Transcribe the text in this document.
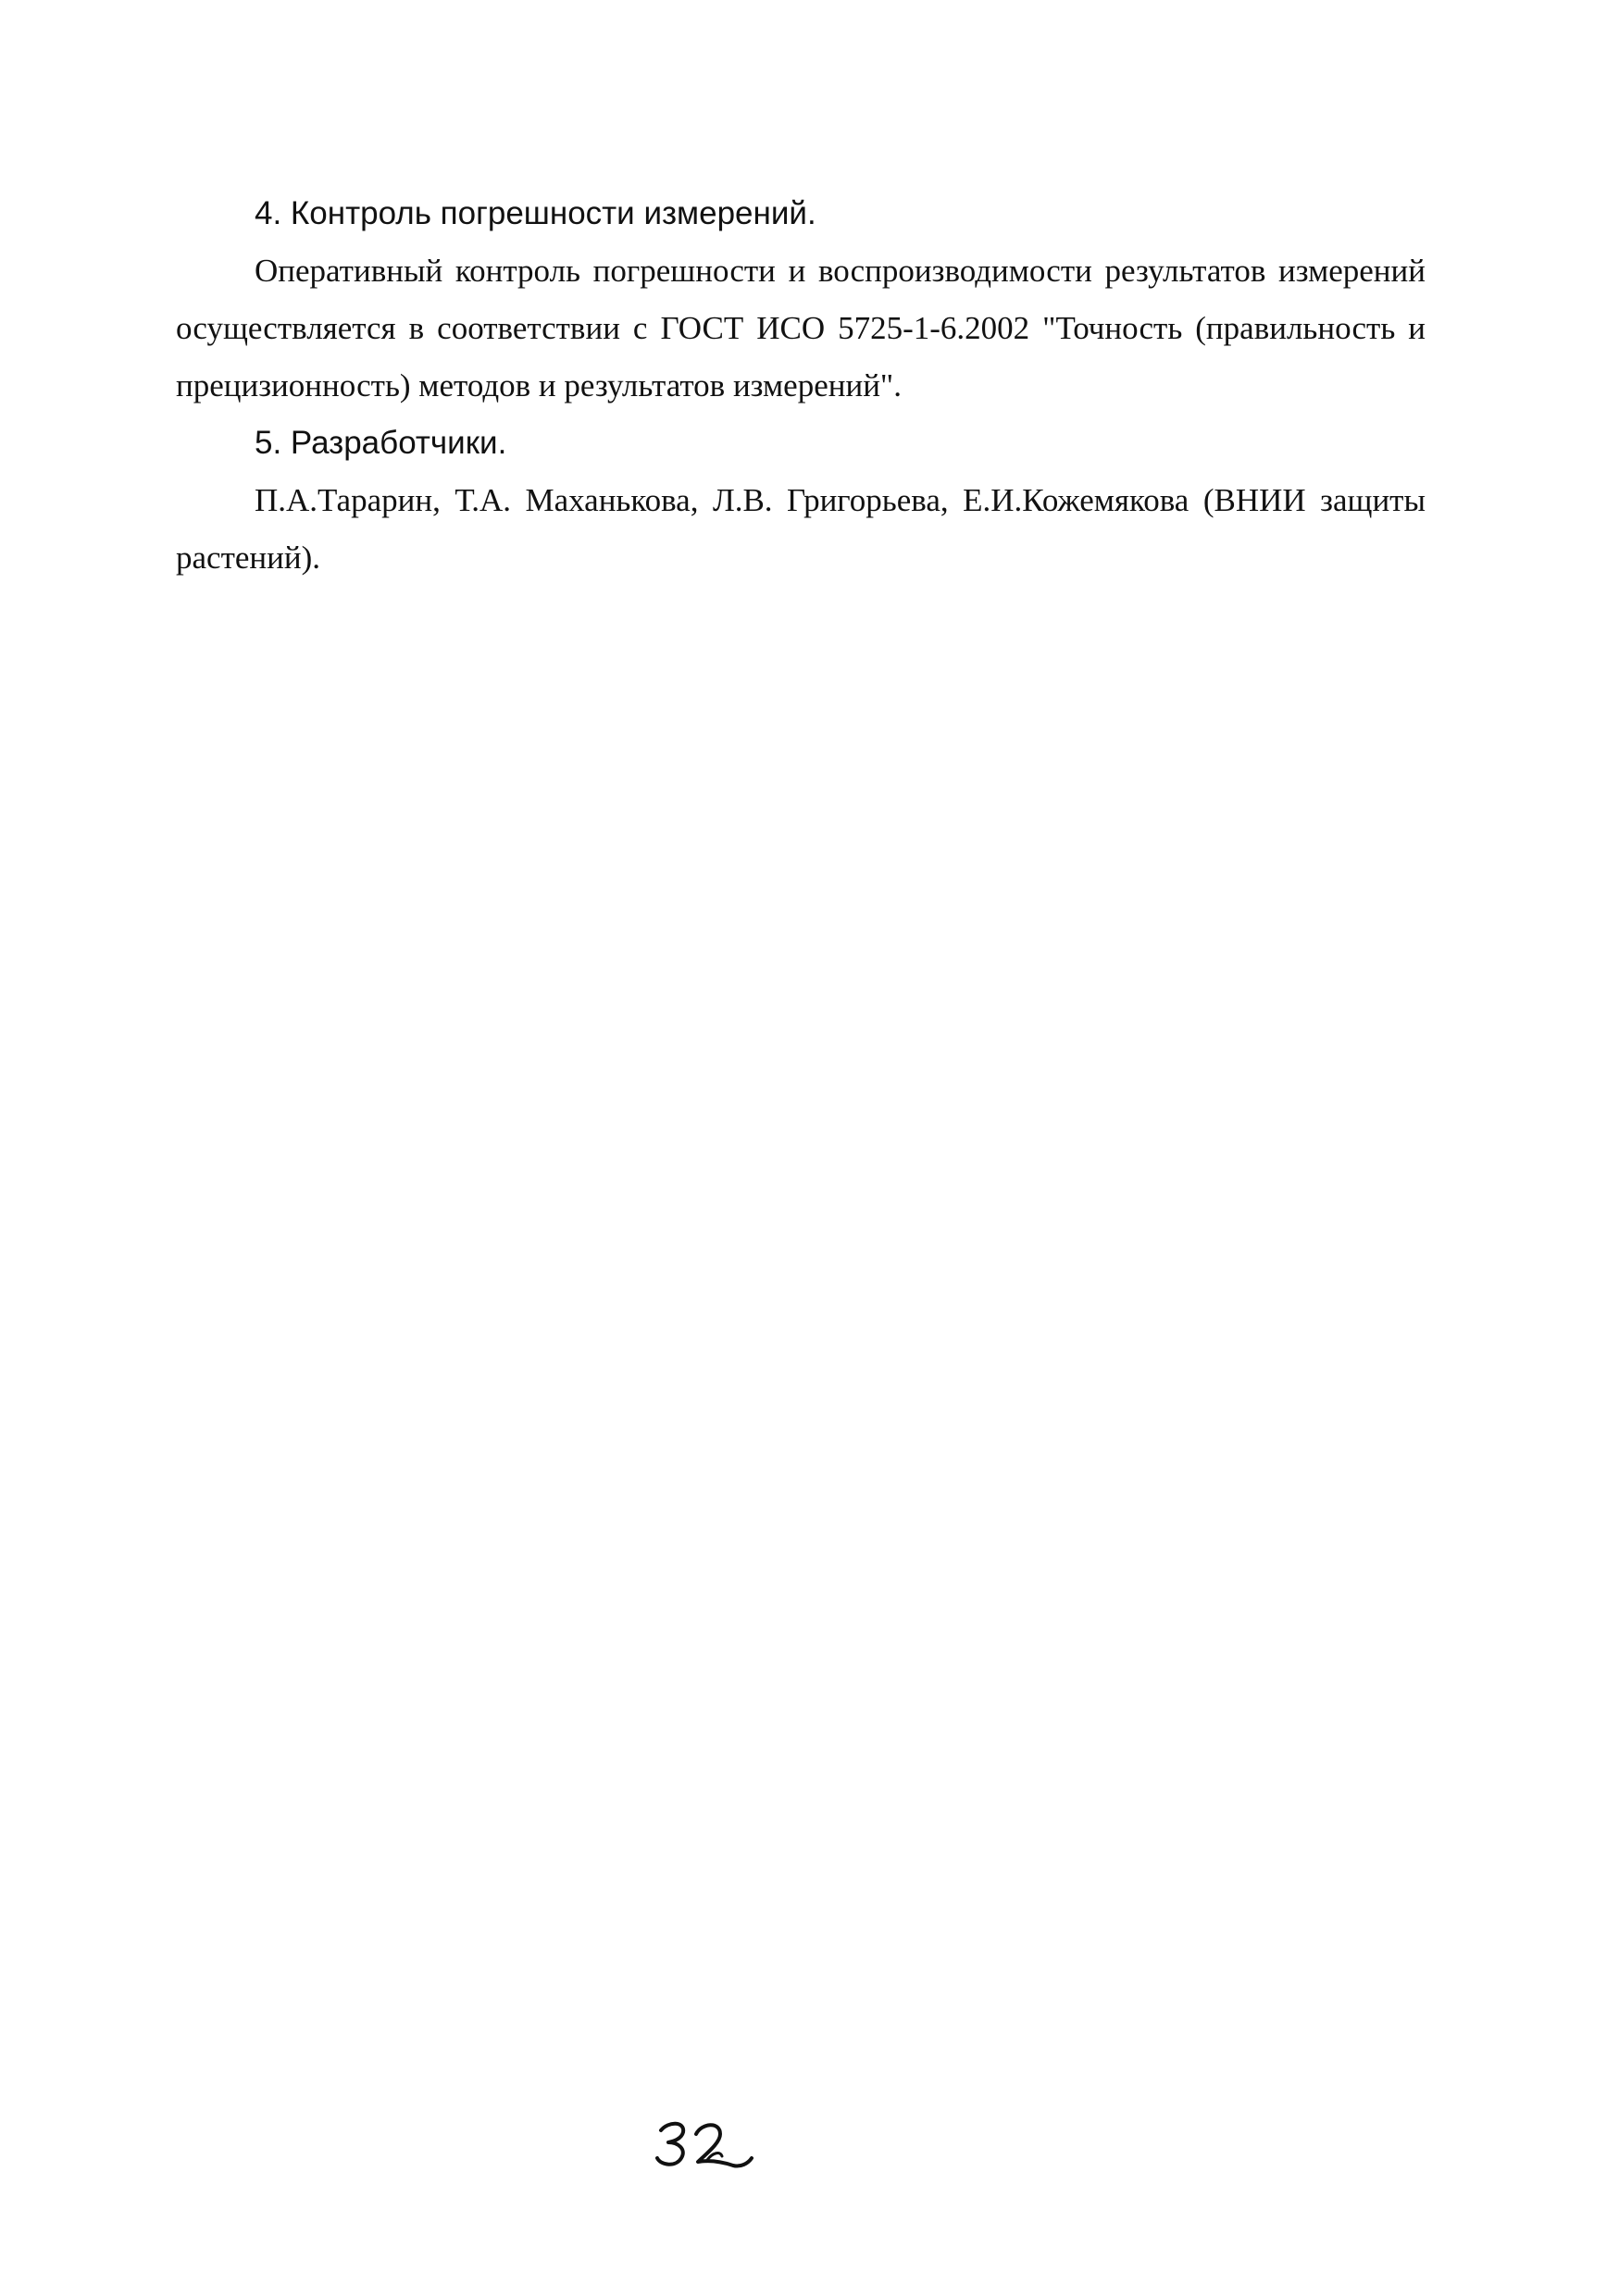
4. Контроль погрешности измерений.

Оперативный контроль погрешности и воспроизводимости результатов измерений осуществляется в соответствии с ГОСТ ИСО 5725-1-6.2002 "Точность (правильность и прецизионность) методов и результатов измерений".

5. Разработчики.

П.А.Тарарин, Т.А. Маханькова, Л.В. Григорьева, Е.И.Кожемякова (ВНИИ защиты растений).
